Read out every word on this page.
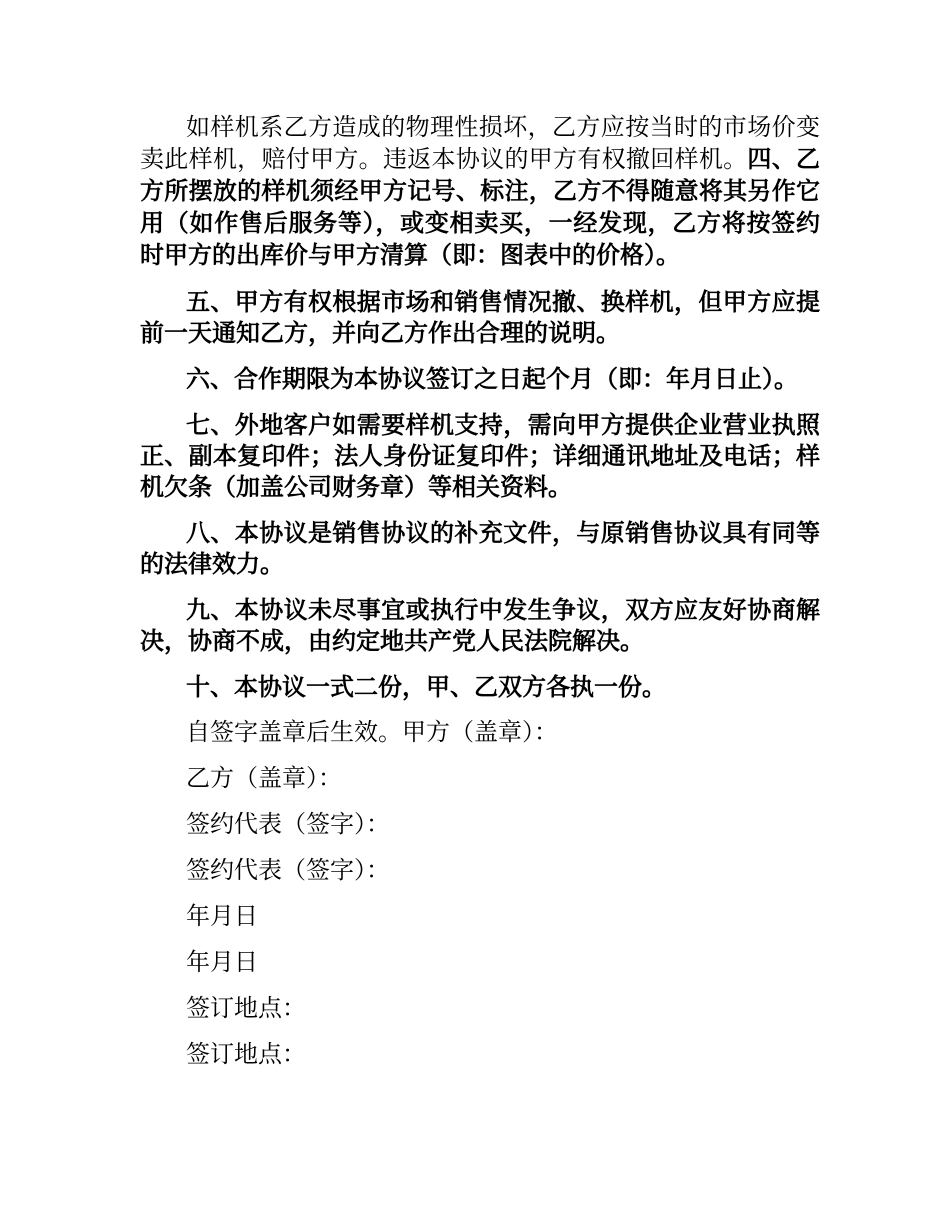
如样机系乙方造成的物理性损坏，乙方应按当时的市场价变卖此样机，赔付甲方。违返本协议的甲方有权撤回样机。四、乙方所摆放的样机须经甲方记号、标注，乙方不得随意将其另作它用（如作售后服务等），或变相卖买，一经发现，乙方将按签约时甲方的出库价与甲方清算（即：图表中的价格）。

五、甲方有权根据市场和销售情况撤、换样机，但甲方应提前一天通知乙方，并向乙方作出合理的说明。

六、合作期限为本协议签订之日起个月（即：年月日止）。

七、外地客户如需要样机支持，需向甲方提供企业营业执照正、副本复印件；法人身份证复印件；详细通讯地址及电话；样机欠条（加盖公司财务章）等相关资料。

八、本协议是销售协议的补充文件，与原销售协议具有同等的法律效力。

九、本协议未尽事宜或执行中发生争议，双方应友好协商解决，协商不成，由约定地共产党人民法院解决。

十、本协议一式二份，甲、乙双方各执一份。

自签字盖章后生效。甲方（盖章）：

乙方（盖章）：

签约代表（签字）：

签约代表（签字）：

年月日

年月日

签订地点：

签订地点：
